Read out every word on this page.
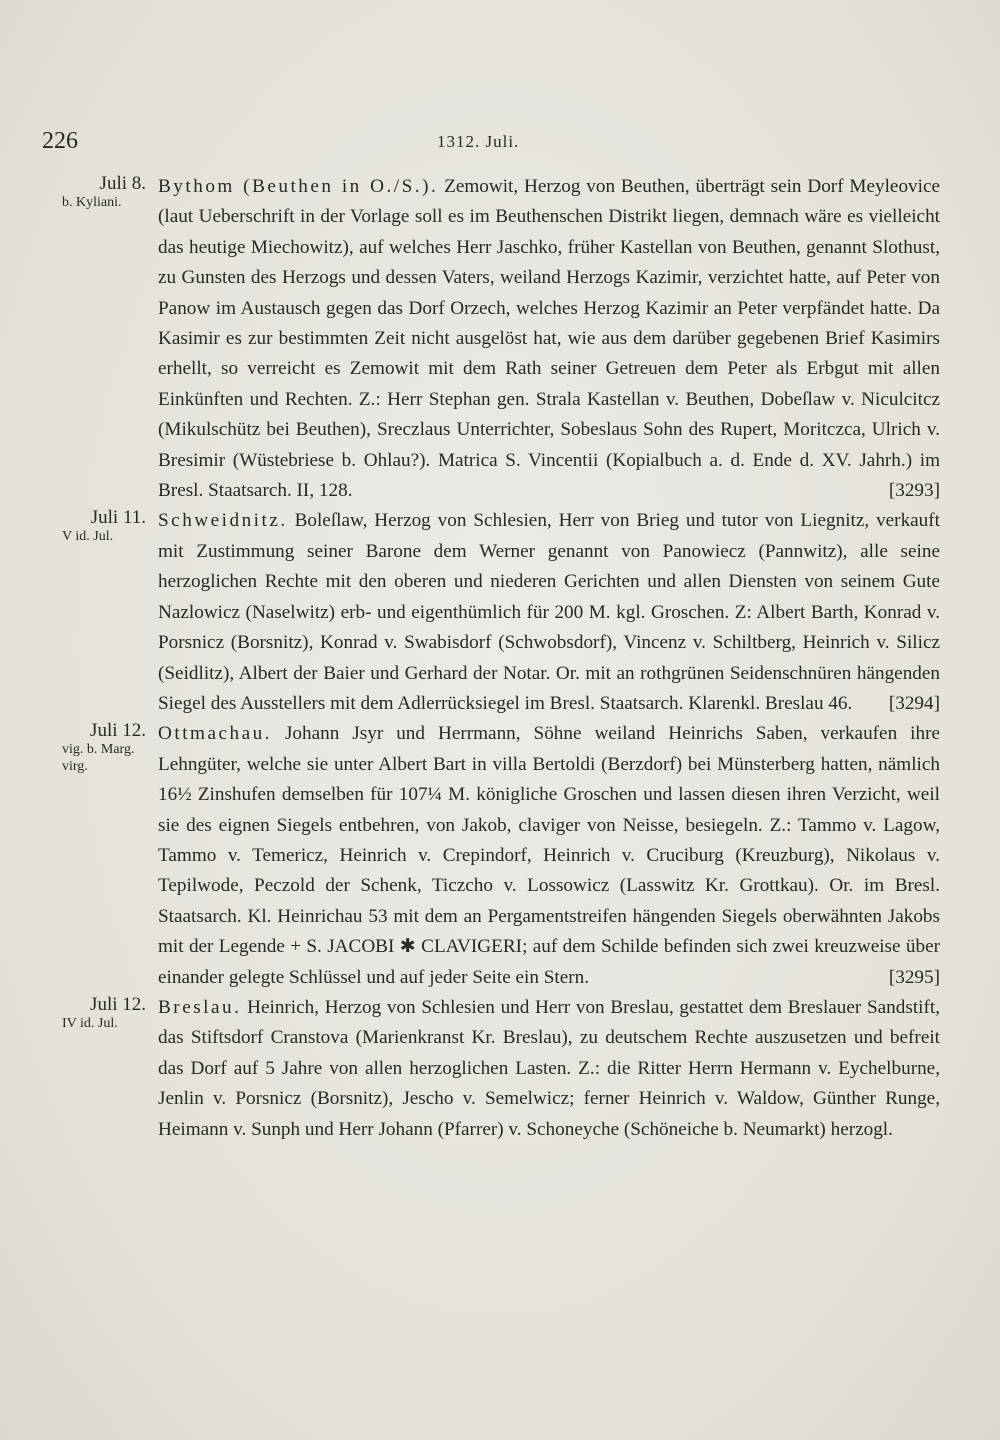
226	1312. Juli.
Juli 8.
b. Kyliani.
Bythom (Beuthen in O./S.). Zemowit, Herzog von Beuthen, überträgt sein Dorf Meyleovice (laut Ueberschrift in der Vorlage soll es im Beuthenschen Distrikt liegen, demnach wäre es vielleicht das heutige Miechowitz), auf welches Herr Jaschko, früher Kastellan von Beuthen, genannt Slothust, zu Gunsten des Herzogs und dessen Vaters, weiland Herzogs Kazimir, verzichtet hatte, auf Peter von Panow im Austausch gegen das Dorf Orzech, welches Herzog Kazimir an Peter verpfändet hatte. Da Kasimir es zur bestimmten Zeit nicht ausgelöst hat, wie aus dem darüber gegebenen Brief Kasimirs erhellt, so verreicht es Zemowit mit dem Rath seiner Getreuen dem Peter als Erbgut mit allen Einkünften und Rechten. Z.: Herr Stephan gen. Strala Kastellan v. Beuthen, Dobeſlaw v. Niculcitcz (Mikulschütz bei Beuthen), Sreczlaus Unterrichter, Sobeslaus Sohn des Rupert, Moritczca, Ulrich v. Bresimir (Wüstebriese b. Ohlau?). Matrica S. Vincentii (Kopialbuch a. d. Ende d. XV. Jahrh.) im Bresl. Staatsarch. II, 128.	[3293]
Juli 11.
V id. Jul.
Schweidnitz. Boleſlaw, Herzog von Schlesien, Herr von Brieg und tutor von Liegnitz, verkauft mit Zustimmung seiner Barone dem Werner genannt von Panowiecz (Pannwitz), alle seine herzoglichen Rechte mit den oberen und niederen Gerichten und allen Diensten von seinem Gute Nazlowicz (Naselwitz) erb- und eigenthümlich für 200 M. kgl. Groschen. Z: Albert Barth, Konrad v. Porsnicz (Borsnitz), Konrad v. Swabisdorf (Schwobsdorf), Vincenz v. Schiltberg, Heinrich v. Silicz (Seidlitz), Albert der Baier und Gerhard der Notar. Or. mit an rothgrünen Seidenschnüren hängenden Siegel des Ausstellers mit dem Adlerrücksiegel im Bresl. Staatsarch. Klarenkl. Breslau 46. [3294]
Juli 12.
vig. b. Marg. virg.
Ottmachau. Johann Jsyr und Herrmann, Söhne weiland Heinrichs Saben, verkaufen ihre Lehngüter, welche sie unter Albert Bart in villa Bertoldi (Berzdorf) bei Münsterberg hatten, nämlich 16½ Zinshufen demselben für 107¼ M. königliche Groschen und lassen diesen ihren Verzicht, weil sie des eignen Siegels entbehren, von Jakob, claviger von Neisse, besiegeln. Z.: Tammo v. Lagow, Tammo v. Temericz, Heinrich v. Crepindorf, Heinrich v. Cruciburg (Kreuzburg), Nikolaus v. Tepilwode, Peczold der Schenk, Ticzcho v. Lossowicz (Lasswitz Kr. Grottkau). Or. im Bresl. Staatsarch. Kl. Heinrichau 53 mit dem an Pergamentstreifen hängenden Siegels oberwähnten Jakobs mit der Legende + S. JACOBI ✱ CLAVIGERI; auf dem Schilde befinden sich zwei kreuzweise über einander gelegte Schlüssel und auf jeder Seite ein Stern.	[3295]
Juli 12.
IV id. Jul.
Breslau. Heinrich, Herzog von Schlesien und Herr von Breslau, gestattet dem Breslauer Sandstift, das Stiftsdorf Cranstova (Marienkranst Kr. Breslau), zu deutschem Rechte auszusetzen und befreit das Dorf auf 5 Jahre von allen herzoglichen Lasten. Z.: die Ritter Herrn Hermann v. Eychelburne, Jenlin v. Porsnicz (Borsnitz), Jescho v. Semelwicz; ferner Heinrich v. Waldow, Günther Runge, Heimann v. Sunph und Herr Johann (Pfarrer) v. Schoneyche (Schöneiche b. Neumarkt) herzogl.
